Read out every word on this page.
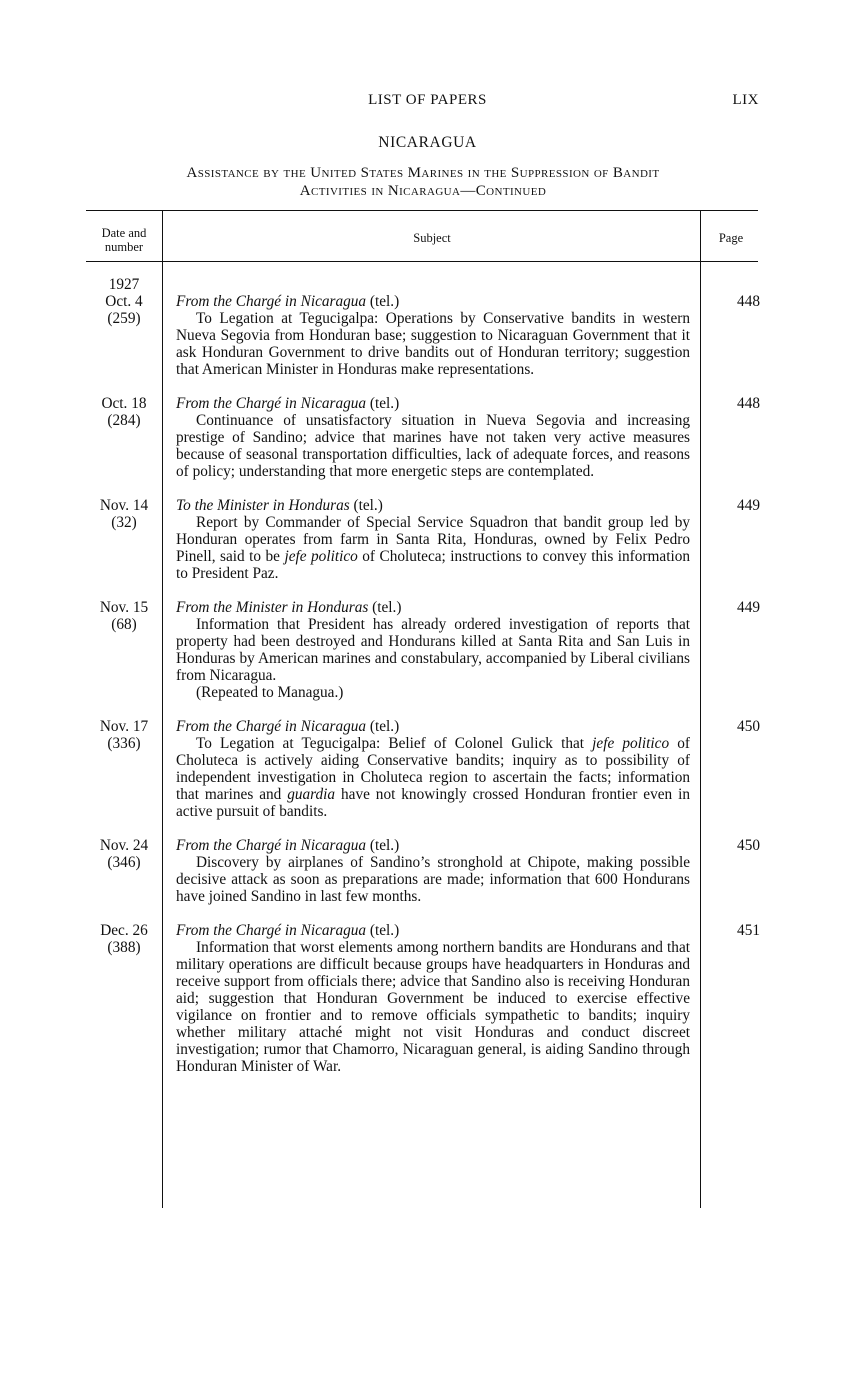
LIST OF PAPERS	LIX
NICARAGUA
Assistance by the United States Marines in the Suppression of Bandit
Activities in Nicaragua—Continued
Date and
number
Subject	Page
1927
Oct. 4
(259)
From the Chargé in Nicaragua (tel.)
To Legation at Tegucigalpa: Operations by Conservative bandits in western Nueva Segovia from Honduran base; suggestion to Nicaraguan Government that it ask Honduran Government to drive bandits out of Honduran territory; suggestion that American Minister in Honduras make representations.
448
Oct. 18
(284)
From the Chargé in Nicaragua (tel.)
Continuance of unsatisfactory situation in Nueva Segovia and increasing prestige of Sandino; advice that marines have not taken very active measures because of seasonal transportation difficulties, lack of adequate forces, and reasons of policy; understanding that more energetic steps are contemplated.
448
Nov. 14
(32)
To the Minister in Honduras (tel.)
Report by Commander of Special Service Squadron that bandit group led by Honduran operates from farm in Santa Rita, Honduras, owned by Felix Pedro Pinell, said to be jefe politico of Choluteca; instructions to convey this information to President Paz.
449
Nov. 15
(68)
From the Minister in Honduras (tel.)
Information that President has already ordered investigation of reports that property had been destroyed and Hondurans killed at Santa Rita and San Luis in Honduras by American marines and constabulary, accompanied by Liberal civilians from Nicaragua.
(Repeated to Managua.)
449
Nov. 17
(336)
From the Chargé in Nicaragua (tel.)
To Legation at Tegucigalpa: Belief of Colonel Gulick that jefe politico of Choluteca is actively aiding Conservative bandits; inquiry as to possibility of independent investigation in Choluteca region to ascertain the facts; information that marines and guardia have not knowingly crossed Honduran frontier even in active pursuit of bandits.
450
Nov. 24
(346)
From the Chargé in Nicaragua (tel.)
Discovery by airplanes of Sandino’s stronghold at Chipote, making possible decisive attack as soon as preparations are made; information that 600 Hondurans have joined Sandino in last few months.
450
Dec. 26
(388)
From the Chargé in Nicaragua (tel.)
Information that worst elements among northern bandits are Hondurans and that military operations are difficult because groups have headquarters in Honduras and receive support from officials there; advice that Sandino also is receiving Honduran aid; suggestion that Honduran Government be induced to exercise effective vigilance on frontier and to remove officials sympathetic to bandits; inquiry whether military attaché might not visit Honduras and conduct discreet investigation; rumor that Chamorro, Nicaraguan general, is aiding Sandino through Honduran Minister of War.
451
